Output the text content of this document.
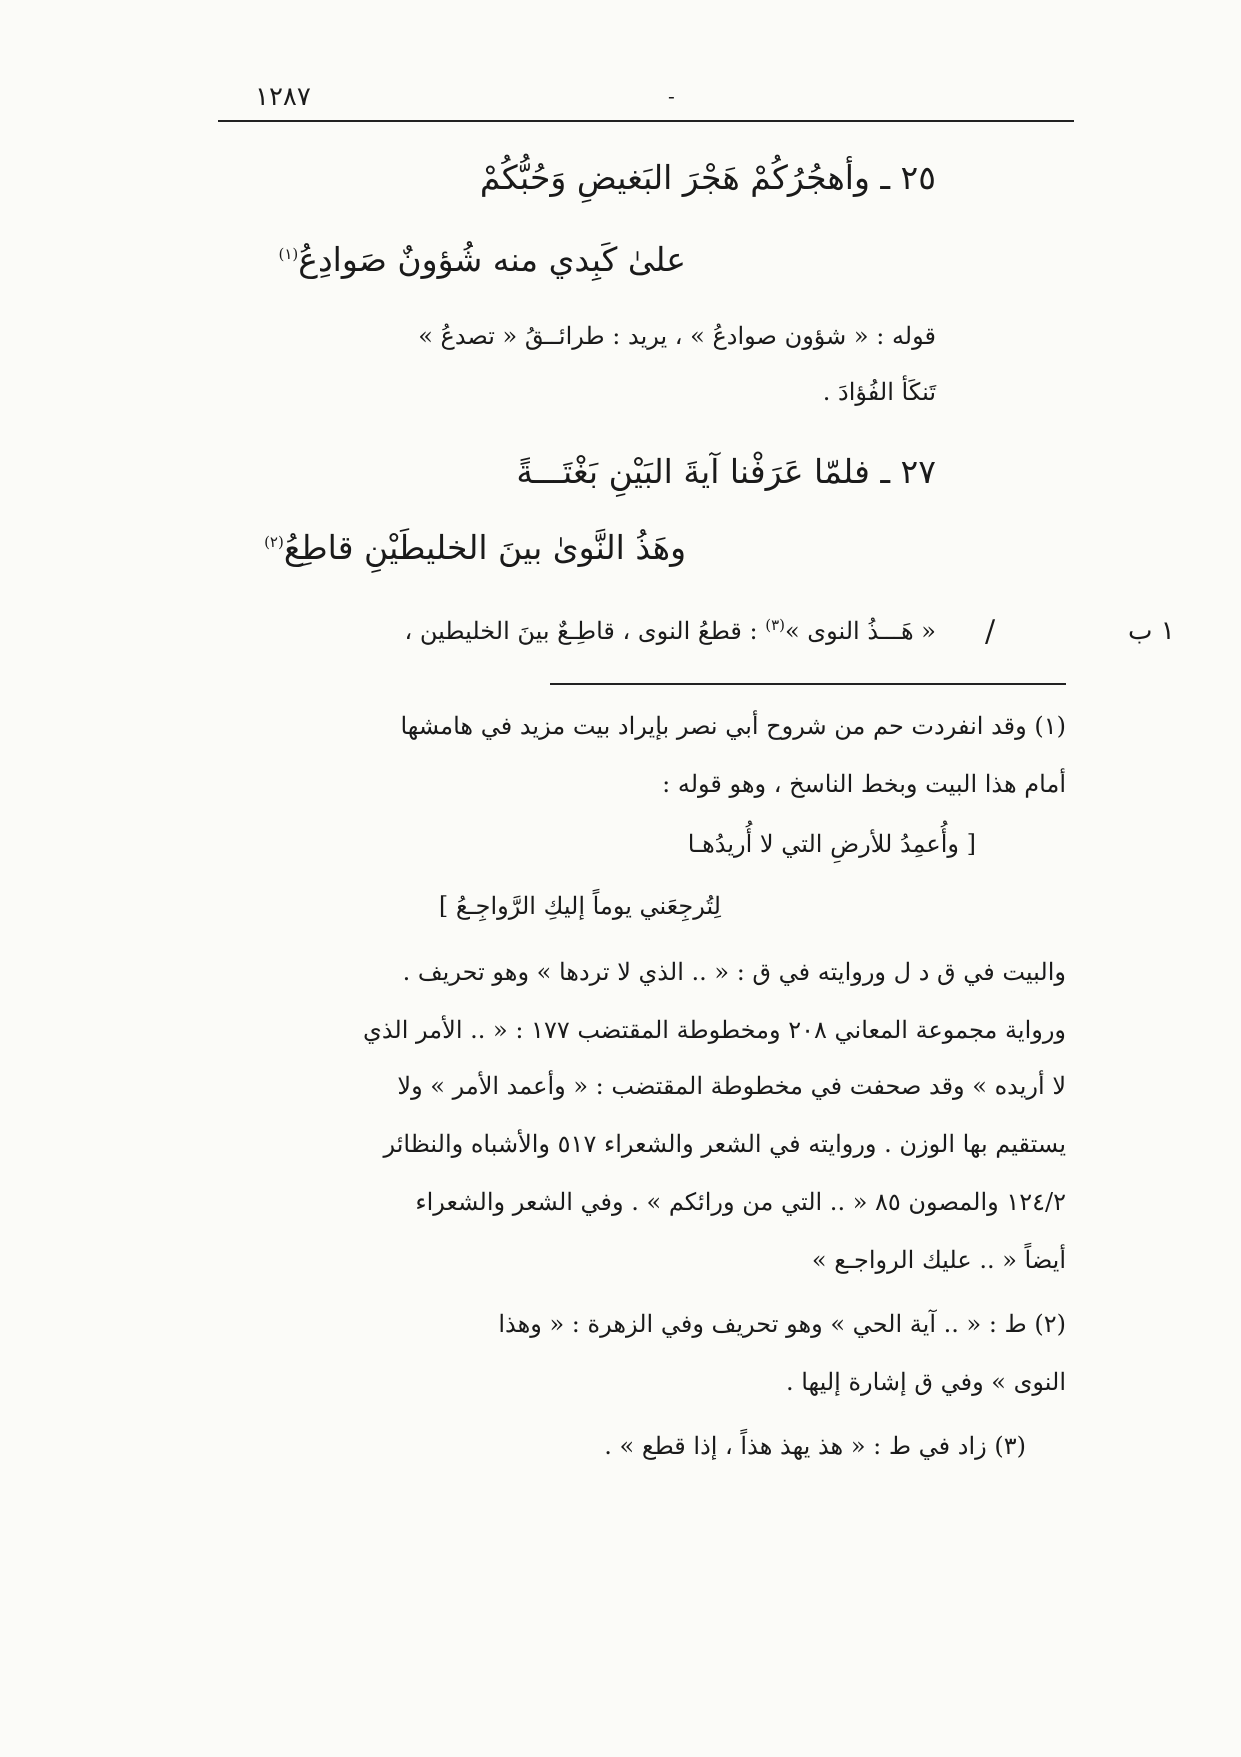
١٢٨٧	-
٢٥ ـ وأهجُرُكُمْ هَجْرَ البَغيضِ وَحُبُّكُمْ
علىٰ كَبِدي منه شُؤونٌ صَوادِعُ$^{(١)}$
قوله : « شؤون صوادعُ » ، يريد : طرائــقُ « تصدعُ »
تَنكَأ الفُؤادَ .
٢٧ ـ فلمّا عَرَفْنا آيةَ البَيْنِ بَغْتَـــةً
وهَذُ النَّوىٰ بينَ الخليطَيْنِ قاطِعُ$^{(٢)}$
/
« هَـــذُ النوى »$^{(٣)}$ : قطعُ النوى ، قاطِـعٌ بينَ الخليطين ،	١ ب
(١) وقد انفردت حم من شروح أبي نصر بإيراد بيت مزيد في هامشها
أمام هذا البيت وبخط الناسخ ، وهو قوله :
[ وأُعمِدُ للأرضِ التي لا أُريدُهـا
لِتُرجِعَني يوماً إليكِ الرَّواجِـعُ ]
والبيت في ق د ل وروايته في ق : « .. الذي لا تردها » وهو تحريف .
ورواية مجموعة المعاني ٢٠٨ ومخطوطة المقتضب ١٧٧ : « .. الأمر الذي
لا أريده » وقد صحفت في مخطوطة المقتضب : « وأعمد الأمر » ولا
يستقيم بها الوزن . وروايته في الشعر والشعراء ٥١٧ والأشباه والنظائر
١٢٤/٢ والمصون ٨٥ « .. التي من ورائكم » . وفي الشعر والشعراء
أيضاً « .. عليك الرواجـع »
(٢) ط : « .. آية الحي » وهو تحريف وفي الزهرة : « وهذا
النوى » وفي ق إشارة إليها .
(٣) زاد في ط : « هذ يهذ هذاً ، إذا قطع » .
